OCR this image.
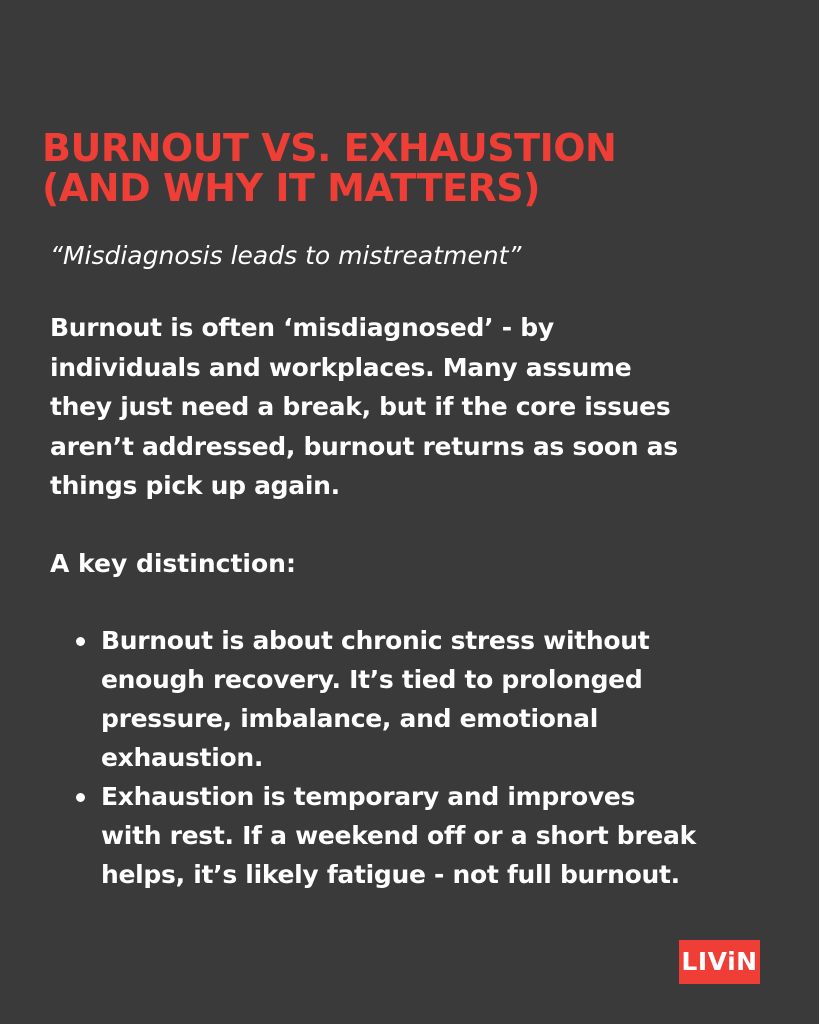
BURNOUT VS. EXHAUSTION
(AND WHY IT MATTERS)

“Misdiagnosis leads to mistreatment”

Burnout is often ‘misdiagnosed’ - by
individuals and workplaces. Many assume
they just need a break, but if the core issues
aren’t addressed, burnout returns as soon as
things pick up again.

A key distinction:

Burnout is about chronic stress without
enough recovery. It’s tied to prolonged
pressure, imbalance, and emotional
exhaustion.
Exhaustion is temporary and improves
with rest. If a weekend off or a short break
helps, it’s likely fatigue - not full burnout.
LIViN
